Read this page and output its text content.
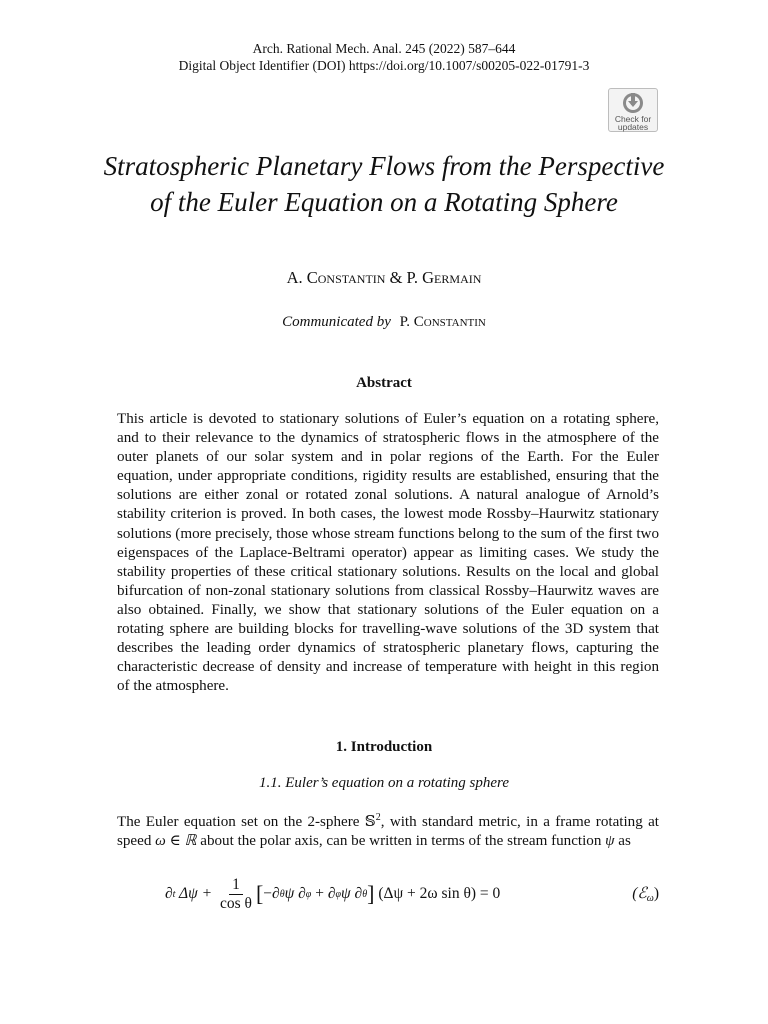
Arch. Rational Mech. Anal. 245 (2022) 587–644
Digital Object Identifier (DOI) https://doi.org/10.1007/s00205-022-01791-3
Check for
updates
Stratospheric Planetary Flows from the Perspective of the Euler Equation on a Rotating Sphere
A. Constantin & P. Germain
Communicated by P. Constantin
Abstract

This article is devoted to stationary solutions of Euler’s equation on a rotating sphere, and to their relevance to the dynamics of stratospheric flows in the atmosphere of the outer planets of our solar system and in polar regions of the Earth. For the Euler equation, under appropriate conditions, rigidity results are established, ensuring that the solutions are either zonal or rotated zonal solutions. A natural analogue of Arnold’s stability criterion is proved. In both cases, the lowest mode Rossby–Haurwitz stationary solutions (more precisely, those whose stream functions belong to the sum of the first two eigenspaces of the Laplace-Beltrami operator) appear as limiting cases. We study the stability properties of these critical stationary solutions. Results on the local and global bifurcation of non-zonal stationary solutions from classical Rossby–Haurwitz waves are also obtained. Finally, we show that stationary solutions of the Euler equation on a rotating sphere are building blocks for travelling-wave solutions of the 3D system that describes the leading order dynamics of stratospheric planetary flows, capturing the characteristic decrease of density and increase of temperature with height in this region of the atmosphere.

1. Introduction
1.1. Euler’s equation on a rotating sphere

The Euler equation set on the 2-sphere 𝕊$^2$, with standard metric, in a frame rotating at speed ω ∈ ℝ about the polar axis, can be written in terms of the stream function ψ as

∂ t $\Delta\psi + \frac{1}{\text{cos θ}}$ [ −∂ θ ψ ∂ φ + ∂ φ ψ ∂ θ ] (Δψ + 2ω sin θ) = 0	(ℰ$_\omega$)
